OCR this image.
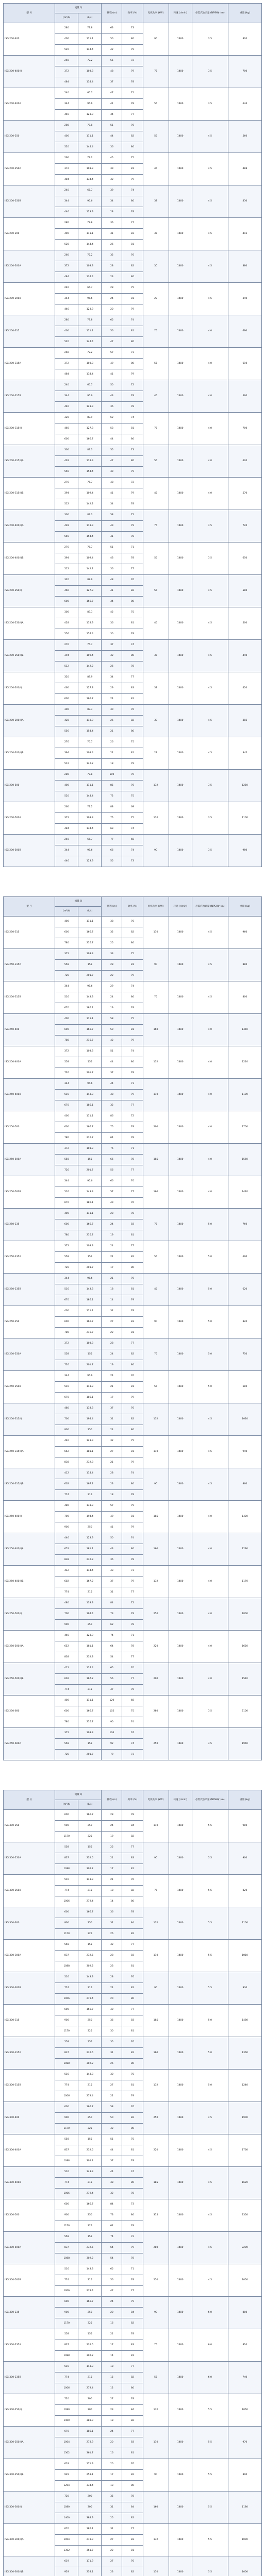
型 号	流量 Q		扬程 (m)	效率 (%)	电机功率 (kW)	转速 (r/min)	必需汽蚀余量 (NPSH)r (m)	重量 (kg)
	(m³/h)	(L/s)						
ISG 200-400	280	77.8	63	73	90	1480	3.5	820
	400	111.1	50	80				
	520	144.4	42	79				
ISG 200-400(I)	260	72.2	55	72	75	1480	3.5	700
	372	103.3	48	79				
	484	134.4	37	78				
ISG 200-400A	240	66.7	47	71	55	1480	3.5	644
	344	95.6	41	78				
	446	123.9	34	77				
ISG 200-250	280	77.8	51	76	55	1480	4.5	560
	400	111.1	44	82				
	520	144.4	36	80				
ISG 200-250A	260	72.2	45	75	45	1480	4.5	488
	372	103.3	39	81				
	484	134.4	32	79				
ISG 200-250B	240	66.7	39	74	37	1480	4.5	430
	344	95.6	34	80				
	446	123.9	28	78				
ISG 200-200	280	77.8	36	77	37	1480	4.5	415
	400	111.1	31	83				
	520	144.4	26	81				
ISG 200-200A	260	72.2	32	76	30	1480	4.5	380
	372	103.3	28	82				
	484	134.4	23	80				
ISG 200-200B	240	66.7	28	75	22	1480	4.5	340
	344	95.6	24	81				
	446	123.9	20	79				
ISG 200-315	280	77.8	65	74	75	1480	4.0	690
	400	111.1	56	81				
	520	144.4	47	80				
ISG 200-315A	260	72.2	57	73	55	1480	4.0	610
	372	103.3	49	80				
	484	134.4	41	79				
ISG 200-315B	240	66.7	50	72	45	1480	4.0	560
	344	95.6	43	79				
	446	123.9	36	78				
ISG 200-315(I)	320	88.9	62	74	75	1480	4.0	700
	460	127.8	53	81				
	600	166.7	44	80				
ISG 200-315(I)A	300	83.3	55	73	55	1480	4.0	620
	428	118.9	47	80				
	556	154.4	39	79				
ISG 200-315(I)B	276	76.7	48	72	45	1480	4.0	570
	394	109.4	41	79				
	512	142.2	34	78				
ISG 200-400(I)A	300	83.3	58	72	75	1480	3.5	720
	428	118.9	49	79				
	556	154.4	41	78				
ISG 200-400(I)B	276	76.7	51	71	55	1480	3.5	650
	394	109.4	43	78				
	512	142.2	36	77				
ISG 200-250(I)	320	88.9	48	76	55	1480	4.5	580
	460	127.8	41	82				
	600	166.7	34	80				
ISG 200-250(I)A	300	83.3	42	75	45	1480	4.5	500
	428	118.9	36	81				
	556	154.4	30	79				
ISG 200-250(I)B	276	76.7	37	74	37	1480	4.5	440
	394	109.4	32	80				
	512	142.2	26	78				
ISG 200-200(I)	320	88.9	34	77	37	1480	4.5	420
	460	127.8	29	83				
	600	166.7	24	81				
ISG 200-200(I)A	300	83.3	30	76	30	1480	4.5	385
	428	118.9	26	82				
	556	154.4	21	80				
ISG 200-200(I)B	276	76.7	26	75	22	1480	4.5	345
	394	109.4	22	81				
	512	142.2	18	79				
ISG 200-500	280	77.8	100	70	132	1480	3.5	1250
	400	111.1	85	76				
	520	144.4	72	75				
ISG 200-500A	260	72.2	88	69	110	1480	3.5	1100
	372	103.3	75	75				
	484	134.4	63	74				
ISG 200-500B	240	66.7	77	68	90	1480	3.5	980
	344	95.6	66	74				
	446	123.9	55	73				
型 号	流量 Q		扬程 (m)	效率 (%)	电机功率 (kW)	转速 (r/min)	必需汽蚀余量 (NPSH)r (m)	重量 (kg)
	(m³/h)	(L/s)						
ISG 250-315	400	111.1	38	76	110	1480	4.5	960
	600	166.7	32	82				
	780	216.7	25	80				
ISG 250-315A	372	103.3	33	75	90	1480	4.5	880
	558	155	28	81				
	726	201.7	22	79				
ISG 250-315B	344	95.6	29	74	75	1480	4.5	800
	516	143.3	24	80				
	670	186.1	19	78				
ISG 250-400	400	111.1	58	75	160	1480	4.0	1350
	600	166.7	50	81				
	780	216.7	42	79				
ISG 250-400A	372	103.3	51	74	132	1480	4.0	1210
	558	155	44	80				
	726	201.7	37	78				
ISG 250-400B	344	95.6	44	73	110	1480	4.0	1100
	516	143.3	38	79				
	670	186.1	32	77				
ISG 250-500	400	111.1	86	72	200	1480	4.0	1700
	600	166.7	75	79				
	780	216.7	64	78				
ISG 250-500A	372	103.3	76	71	185	1480	4.0	1560
	558	155	66	78				
	726	201.7	56	77				
ISG 250-500B	344	95.6	66	70	160	1480	4.0	1420
	516	143.3	57	77				
	670	186.1	49	76				
ISG 250-235	400	111.1	28	78	75	1480	5.0	760
	600	166.7	24	83				
	780	216.7	19	81				
ISG 250-235A	372	103.3	24	77	55	1480	5.0	690
	558	155	21	82				
	726	201.7	17	80				
ISG 250-235B	344	95.6	21	76	45	1480	5.0	620
	516	143.3	18	81				
	670	186.1	14	79				
ISG 250-250	400	111.1	32	78	90	1480	5.0	820
	600	166.7	27	83				
	780	216.7	22	81				
ISG 250-250A	372	103.3	28	77	75	1480	5.0	750
	558	155	24	82				
	726	201.7	19	80				
ISG 250-250B	344	95.6	24	76	55	1480	5.0	680
	516	143.3	21	81				
	670	186.1	17	79				
ISG 250-315(I)	480	133.3	37	76	132	1480	4.5	1020
	700	194.4	31	82				
	900	250	24	80				
ISG 250-315(I)A	446	123.9	32	75	110	1480	4.5	940
	652	181.1	27	81				
	838	232.8	21	79				
ISG 250-315(I)B	412	114.4	28	74	90	1480	4.5	860
	602	167.2	23	80				
	774	215	18	78				
ISG 250-400(I)	480	133.3	57	75	185	1480	4.0	1420
	700	194.4	49	81				
	900	250	41	79				
ISG 250-400(I)A	446	123.9	50	74	160	1480	4.0	1290
	652	181.1	43	80				
	838	232.8	36	78				
ISG 250-400(I)B	412	114.4	43	73	132	1480	4.0	1170
	602	167.2	37	79				
	774	215	31	77				
ISG 250-500(I)	480	133.3	84	72	250	1480	4.0	1800
	700	194.4	73	79				
	900	250	62	78				
ISG 250-500(I)A	446	123.9	74	71	220	1480	4.0	1650
	652	181.1	64	78				
	838	232.8	54	77				
ISG 250-500(I)B	412	114.4	65	70	200	1480	4.0	1510
	602	167.2	56	77				
	774	215	47	76				
ISG 250-600	400	111.1	120	68	280	1480	3.5	2100
	600	166.7	105	75				
	780	216.7	90	74				
ISG 250-600A	372	103.3	106	67	250	1480	3.5	1950
	558	155	92	74				
	726	201.7	79	73				
型 号	流量 Q		扬程 (m)	效率 (%)	电机功率 (kW)	转速 (r/min)	必需汽蚀余量 (NPSH)r (m)	重量 (kg)
	(m³/h)	(L/s)						
ISG 300-250	600	166.7	28	78	110	1480	5.5	980
	900	250	24	84				
	1170	325	19	82				
ISG 300-250A	558	155	25	77	90	1480	5.5	900
	837	232.5	21	83				
	1088	302.2	17	81				
ISG 300-250B	516	143.3	21	76	75	1480	5.5	820
	774	215	18	82				
	1006	279.4	14	80				
ISG 300-300	600	166.7	36	78	132	1480	5.5	1100
	900	250	32	84				
	1170	325	26	82				
ISG 300-300A	558	155	32	77	110	1480	5.5	1010
	837	232.5	28	83				
	1088	302.2	23	81				
ISG 300-300B	516	143.3	28	76	90	1480	5.5	930
	774	215	24	82				
	1006	279.4	20	80				
ISG 300-315	600	166.7	40	77	185	1480	5.0	1480
	900	250	36	83				
	1170	325	30	81				
ISG 300-315A	558	155	35	76	160	1480	5.0	1360
	837	232.5	31	82				
	1088	302.2	26	80				
ISG 300-315B	516	143.3	30	75	132	1480	5.0	1240
	774	215	27	81				
	1006	279.4	22	79				
ISG 300-400	600	166.7	58	76	250	1480	4.5	1900
	900	250	50	82				
	1170	325	42	80				
ISG 300-400A	558	155	51	75	220	1480	4.5	1760
	837	232.5	44	81				
	1088	302.2	37	79				
ISG 300-400B	516	143.3	44	74	185	1480	4.5	1620
	774	215	38	80				
	1006	279.4	32	78				
ISG 300-500	600	166.7	84	73	315	1480	4.5	2350
	900	250	73	80				
	1170	325	62	79				
ISG 300-500A	558	155	74	72	280	1480	4.5	2200
	837	232.5	64	79				
	1088	302.2	54	78				
ISG 300-500B	516	143.3	65	71	250	1480	4.5	2050
	774	215	56	78				
	1006	279.4	47	77				
ISG 300-235	600	166.7	24	79	90	1480	6.0	880
	900	250	20	84				
	1170	325	16	82				
ISG 300-235A	558	155	21	78	75	1480	6.0	810
	837	232.5	17	83				
	1088	302.2	14	81				
ISG 300-235B	516	143.3	18	77	55	1480	6.0	740
	774	215	15	82				
	1006	279.4	12	80				
ISG 300-250(I)	720	200	27	78	132	1480	5.5	1050
	1080	300	23	84				
	1400	388.9	18	82				
ISG 300-250(I)A	670	186.1	24	77	110	1480	5.5	970
	1004	278.9	20	83				
	1302	361.7	16	81				
ISG 300-250(I)B	619	171.9	20	76	90	1480	5.5	890
	929	258.1	17	82				
	1204	334.4	13	80				
ISG 300-300(I)	720	200	35	78	160	1480	5.5	1180
	1080	300	31	84				
	1400	388.9	25	82				
ISG 300-300(I)A	670	186.1	31	77	132	1480	5.5	1090
	1004	278.9	27	83				
	1302	361.7	22	81				
ISG 300-300(I)B	619	171.9	27	76	110	1480	5.5	1000
	929	258.1	23	82				
